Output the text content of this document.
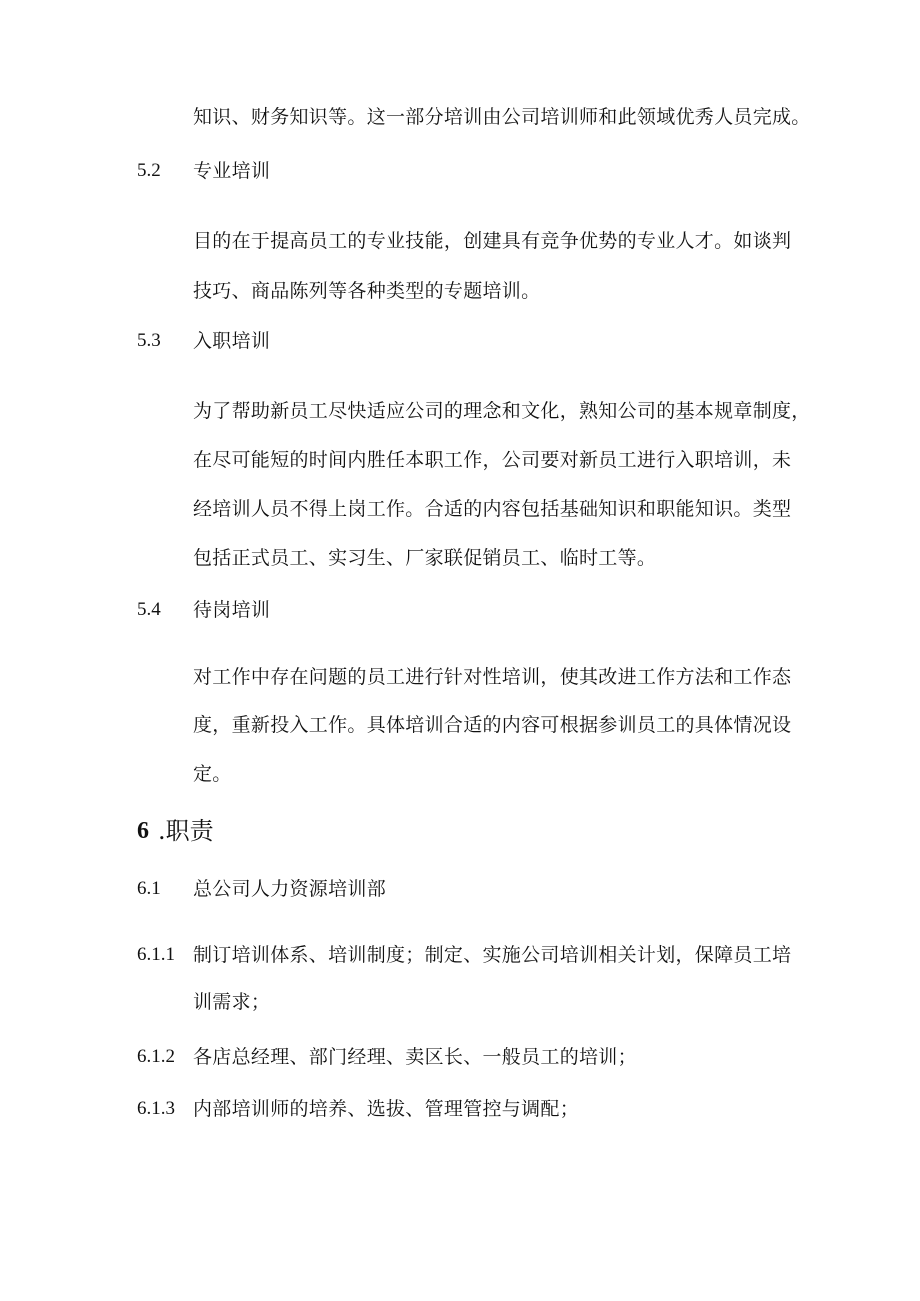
知识、财务知识等。这一部分培训由公司培训师和此领域优秀人员完成。
5.2 专业培训
目的在于提高员工的专业技能，创建具有竞争优势的专业人才。如谈判
技巧、商品陈列等各种类型的专题培训。
5.3 入职培训
为了帮助新员工尽快适应公司的理念和文化，熟知公司的基本规章制度，
在尽可能短的时间内胜任本职工作，公司要对新员工进行入职培训，未
经培训人员不得上岗工作。合适的内容包括基础知识和职能知识。类型
包括正式员工、实习生、厂家联促销员工、临时工等。
5.4 待岗培训
对工作中存在问题的员工进行针对性培训，使其改进工作方法和工作态
度，重新投入工作。具体培训合适的内容可根据参训员工的具体情况设
定。
6 .职责
6.1 总公司人力资源培训部
6.1.1 制订培训体系、培训制度；制定、实施公司培训相关计划，保障员工培
训需求；
6.1.2 各店总经理、部门经理、卖区长、一般员工的培训；
6.1.3 内部培训师的培养、选拔、管理管控与调配；
